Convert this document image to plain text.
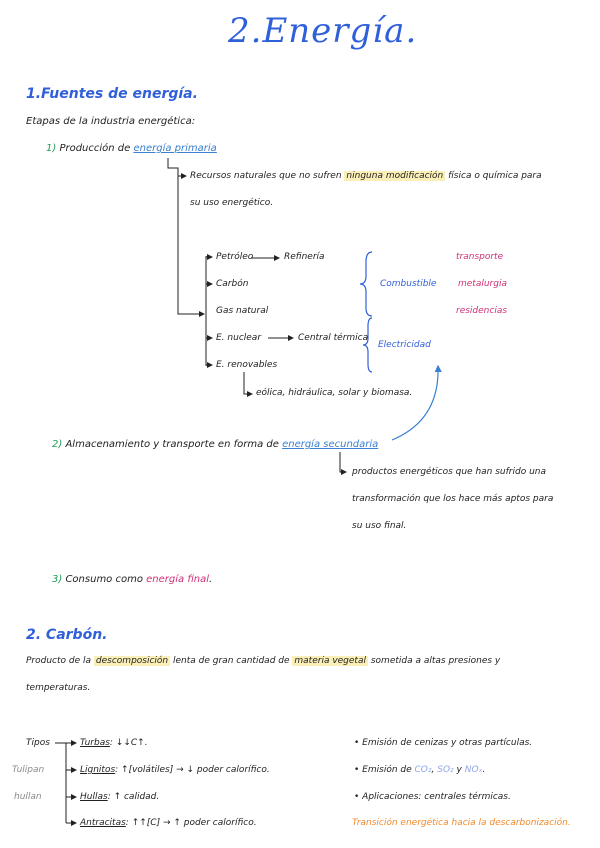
2.Energía.
1.Fuentes de energía.
Etapas de la industria energética:
1) Producción de energía primaria
Recursos naturales que no sufren ninguna modificación física o química para
su uso energético.
Petróleo	Refinería
Carbón
Gas natural
E. nuclear	Central térmica
E. renovables
eólica, hidráulica, solar y biomasa.
Combustible
Electricidad
transporte
metalurgia
residencias
2) Almacenamiento y transporte en forma de energía secundaria
productos energéticos que han sufrido una
transformación que los hace más aptos para
su uso final.
3) Consumo como energía final.
2. Carbón.
Producto de la descomposición lenta de gran cantidad de materia vegetal sometida a altas presiones y
temperaturas.
Tipos
Tulipan
hullan
Turbas: ↓↓C↑.
Lignitos: ↑[volátiles] → ↓ poder calorífico.
Hullas: ↑ calidad.
Antracitas: ↑↑[C] → ↑ poder calorífico.
• Emisión de cenizas y otras partículas.
• Emisión de CO₂, SO₂ y NOₓ.
• Aplicaciones: centrales térmicas.
Transición energética hacia la descarbonización.
